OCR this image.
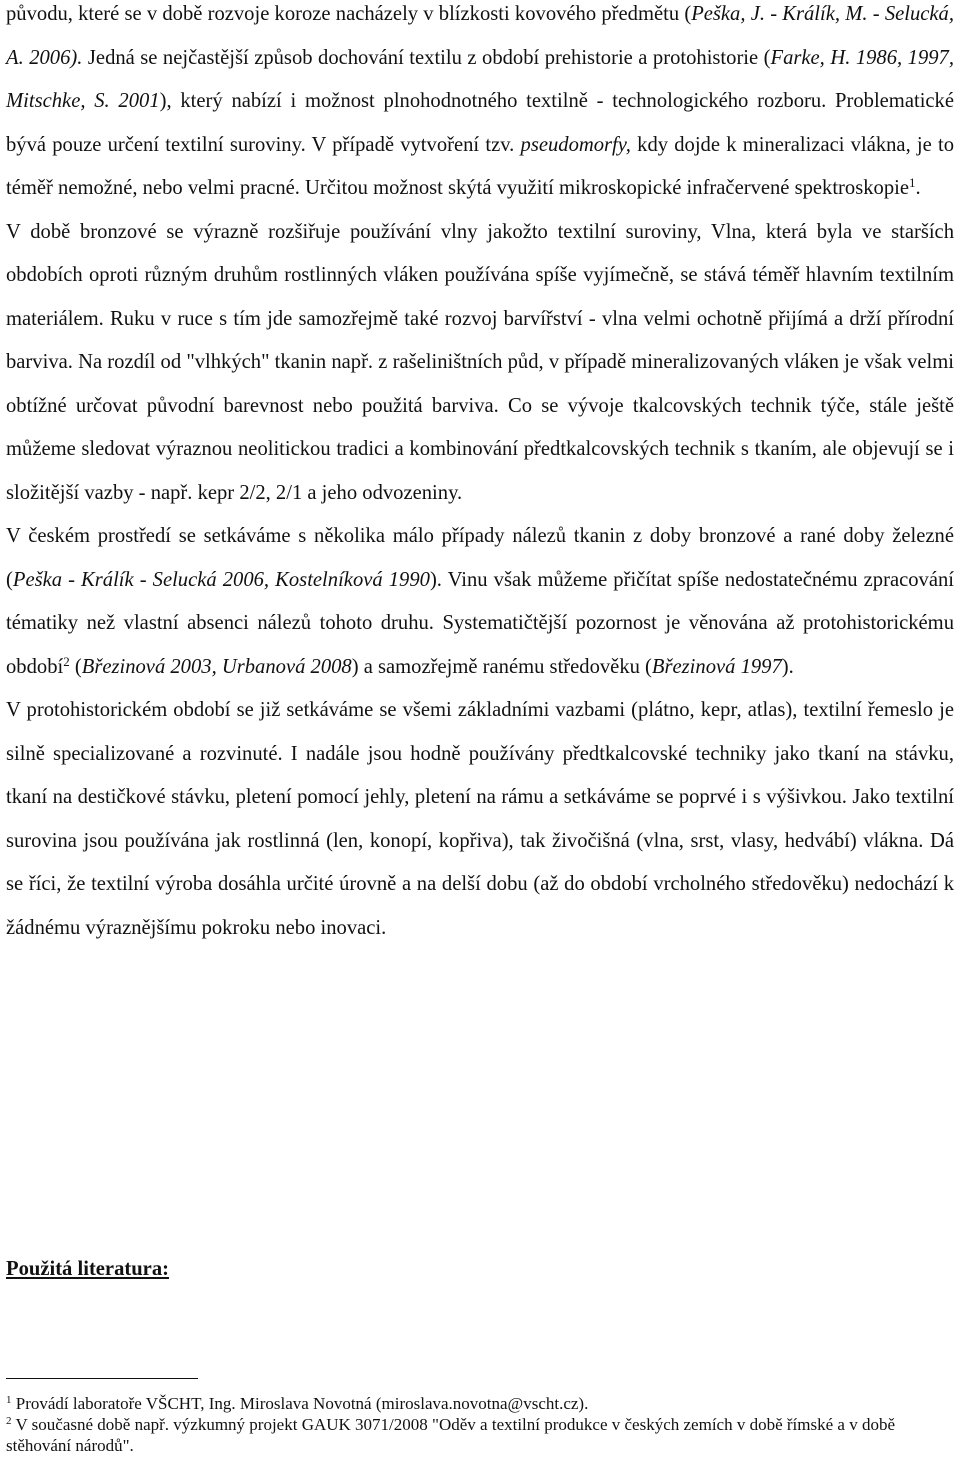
původu, které se v době rozvoje koroze nacházely v blízkosti kovového předmětu (Peška, J. - Králík, M. - Selucká, A. 2006). Jedná se nejčastější způsob dochování textilu z období prehistorie a protohistorie (Farke, H. 1986, 1997, Mitschke, S. 2001), který nabízí i možnost plnohodnotného textilně - technologického rozboru. Problematické bývá pouze určení textilní suroviny. V případě vytvoření tzv. pseudomorfy, kdy dojde k mineralizaci vlákna, je to téměř nemožné, nebo velmi pracné. Určitou možnost skýtá využití mikroskopické infračervené spektroskopie$^1$.

V době bronzové se výrazně rozšiřuje používání vlny jakožto textilní suroviny, Vlna, která byla ve starších obdobích oproti různým druhům rostlinných vláken používána spíše vyjímečně, se stává téměř hlavním textilním materiálem. Ruku v ruce s tím jde samozřejmě také rozvoj barvířství - vlna velmi ochotně přijímá a drží přírodní barviva. Na rozdíl od "vlhkých" tkanin např. z rašeliništních půd, v případě mineralizovaných vláken je však velmi obtížné určovat původní barevnost nebo použitá barviva. Co se vývoje tkalcovských technik týče, stále ještě můžeme sledovat výraznou neolitickou tradici a kombinování předtkalcovských technik s tkaním, ale objevují se i složitější vazby - např. kepr 2/2, 2/1 a jeho odvozeniny.

V českém prostředí se setkáváme s několika málo případy nálezů tkanin z doby bronzové a rané doby železné (Peška - Králík - Selucká 2006, Kostelníková 1990). Vinu však můžeme přičítat spíše nedostatečnému zpracování tématiky než vlastní absenci nálezů tohoto druhu. Systematičtější pozornost je věnována až protohistorickému období$^2$ (Březinová 2003, Urbanová 2008) a samozřejmě ranému středověku (Březinová 1997).

V protohistorickém období se již setkáváme se všemi základními vazbami (plátno, kepr, atlas), textilní řemeslo je silně specializované a rozvinuté. I nadále jsou hodně používány předtkalcovské techniky jako tkaní na stávku, tkaní na destičkové stávku, pletení pomocí jehly, pletení na rámu a setkáváme se poprvé i s výšivkou. Jako textilní surovina jsou používána jak rostlinná (len, konopí, kopřiva), tak živočišná (vlna, srst, vlasy, hedvábí) vlákna. Dá se říci, že textilní výroba dosáhla určité úrovně a na delší dobu (až do období vrcholného středověku) nedochází k žádnému výraznějšímu pokroku nebo inovaci.

Použitá literatura:

$^1$ Provádí laboratoře VŠCHT, Ing. Miroslava Novotná (miroslava.novotna@vscht.cz).

$^2$ V současné době např. výzkumný projekt GAUK 3071/2008 "Oděv a textilní produkce v českých zemích v době římské a v době stěhování národů".
